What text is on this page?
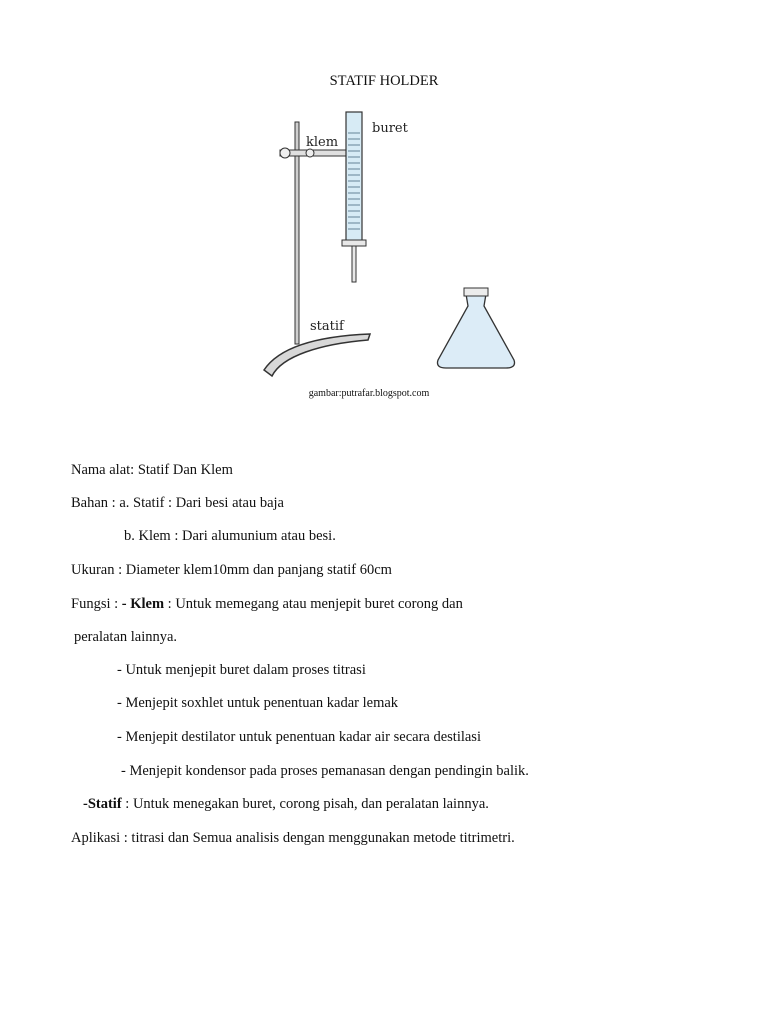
STATIF HOLDER
buret
klem
statif
gambar:putrafar.blogspot.com
Nama alat: Statif Dan Klem
Bahan : a. Statif : Dari besi atau baja
b. Klem : Dari alumunium atau besi.
Ukuran : Diameter klem10mm dan panjang statif 60cm
Fungsi : - Klem : Untuk memegang atau menjepit buret corong dan
peralatan lainnya.
- Untuk menjepit buret dalam proses titrasi
- Menjepit soxhlet untuk penentuan kadar lemak
- Menjepit destilator untuk penentuan kadar air secara destilasi
- Menjepit kondensor pada proses pemanasan dengan pendingin balik.
-Statif : Untuk menegakan buret, corong pisah, dan peralatan lainnya.
Aplikasi : titrasi dan Semua analisis dengan menggunakan metode titrimetri.
